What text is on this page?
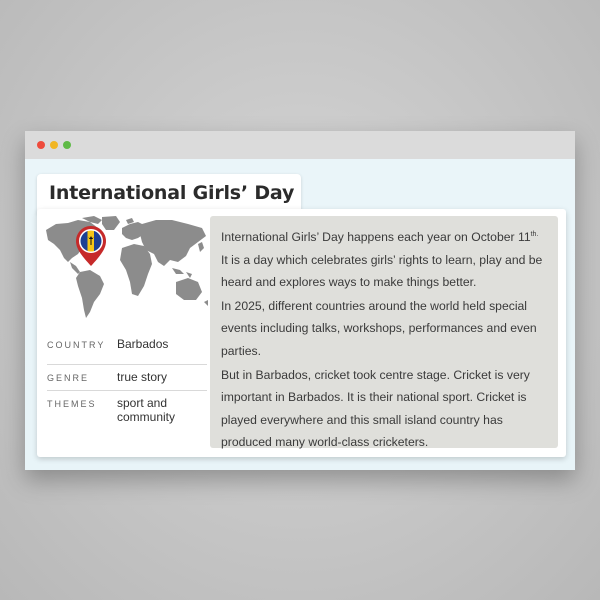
International Girls’ Day
COUNTRY Barbados
GENRE	true story
THEMES	sport and community

International Girls’ Day happens each year on October $11^{th.}$ It is a day which celebrates girls’ rights to learn, play and be heard and explores ways to make things better.

In 2025, different countries around the world held special events including talks, workshops, performances and even parties.

But in Barbados, cricket took centre stage. Cricket is very important in Barbados. It is their national sport. Cricket is played everywhere and this small island country has produced many world-class cricketers.
